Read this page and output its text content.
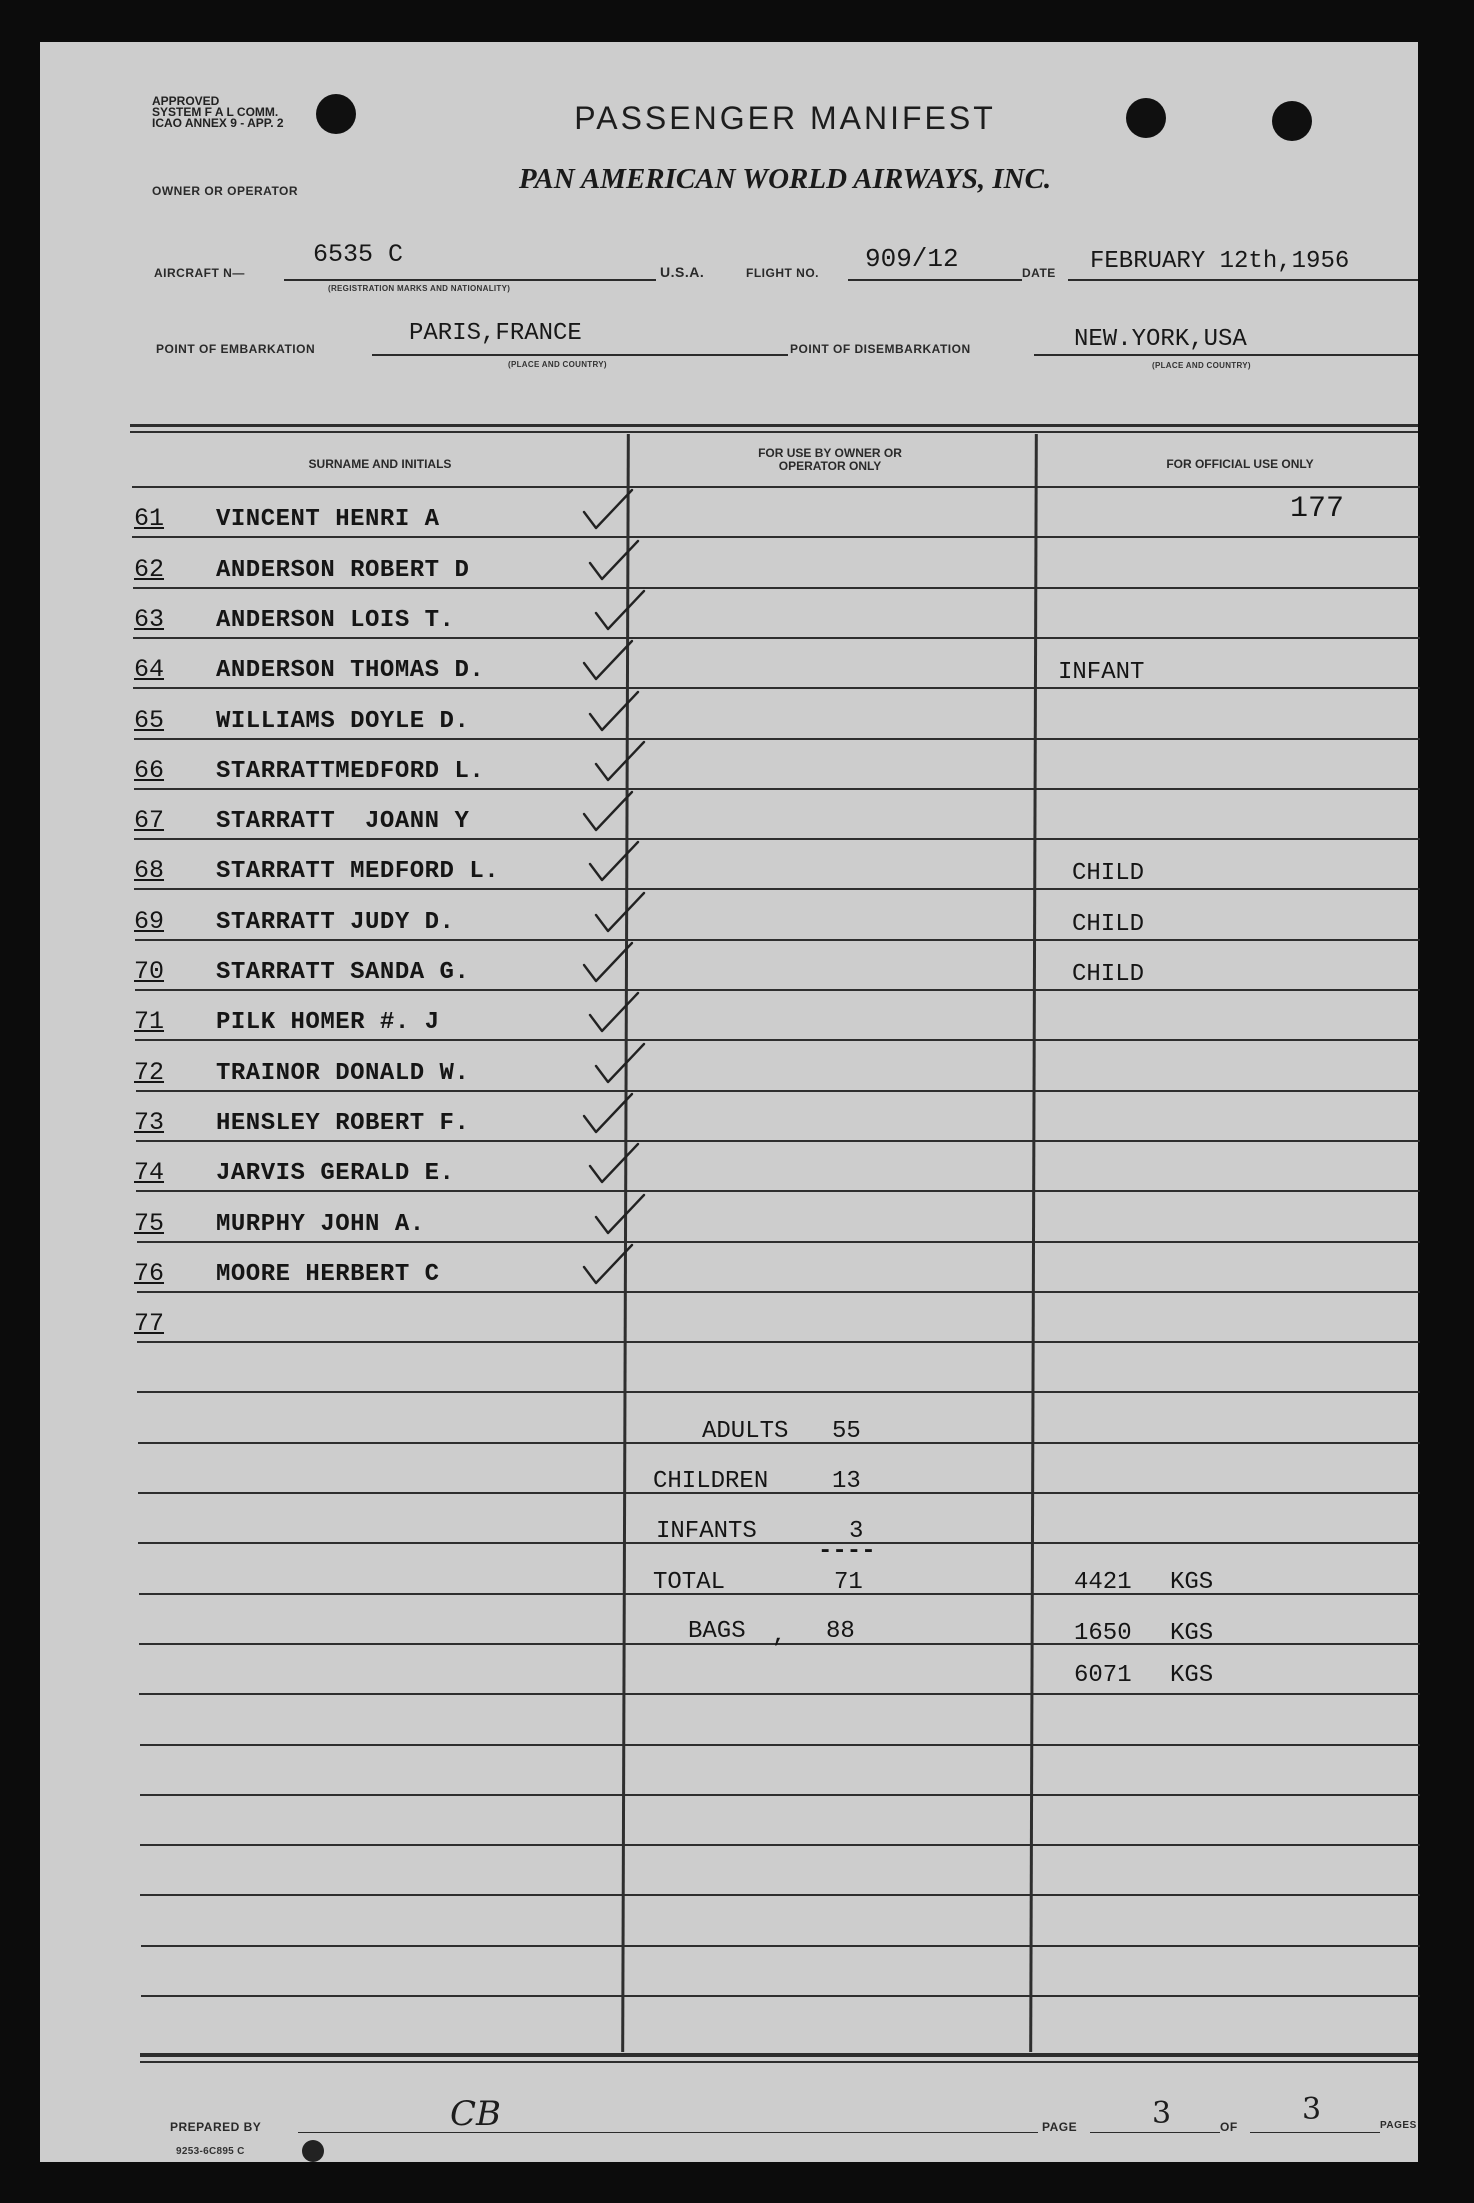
APPROVED
SYSTEM F A L COMM.
ICAO ANNEX 9 - APP. 2	PASSENGER MANIFEST
OWNER OR OPERATOR	PAN AMERICAN WORLD AIRWAYS, INC.
AIRCRAFT N—
6535 C
(REGISTRATION MARKS AND NATIONALITY)
U.S.A.	FLIGHT NO. 909/12	DATE FEBRUARY 12th,1956
POINT OF EMBARKATION
PARIS,FRANCE
(PLACE AND COUNTRY)
POINT OF DISEMBARKATION	NEW.YORK,USA
(PLACE AND COUNTRY)
SURNAME AND INITIALS
FOR USE BY OWNER OR OPERATOR ONLY	FOR OFFICIAL USE ONLY
61 VINCENT HENRI A	177
62 ANDERSON ROBERT D
63 ANDERSON LOIS T.
64 ANDERSON THOMAS D.	INFANT
65 WILLIAMS DOYLE D.
66 STARRATTMEDFORD L.
67 STARRATT  JOANN Y
68 STARRATT MEDFORD L.	CHILD
69 STARRATT JUDY D.	CHILD
70 STARRATT SANDA G.	CHILD
71 PILK HOMER #. J
72 TRAINOR DONALD W.
73 HENSLEY ROBERT F.
74 JARVIS GERALD E.
75 MURPHY JOHN A.
76 MOORE HERBERT C
77
ADULTS 55
CHILDREN	13
INFANTS	3
----
TOTAL	71
BAGS , 88
4421 KGS
1650 KGS
6071 KGS
PREPARED BY	CB	PAGE 3	OF 3	PAGES
9253-6C895 C
